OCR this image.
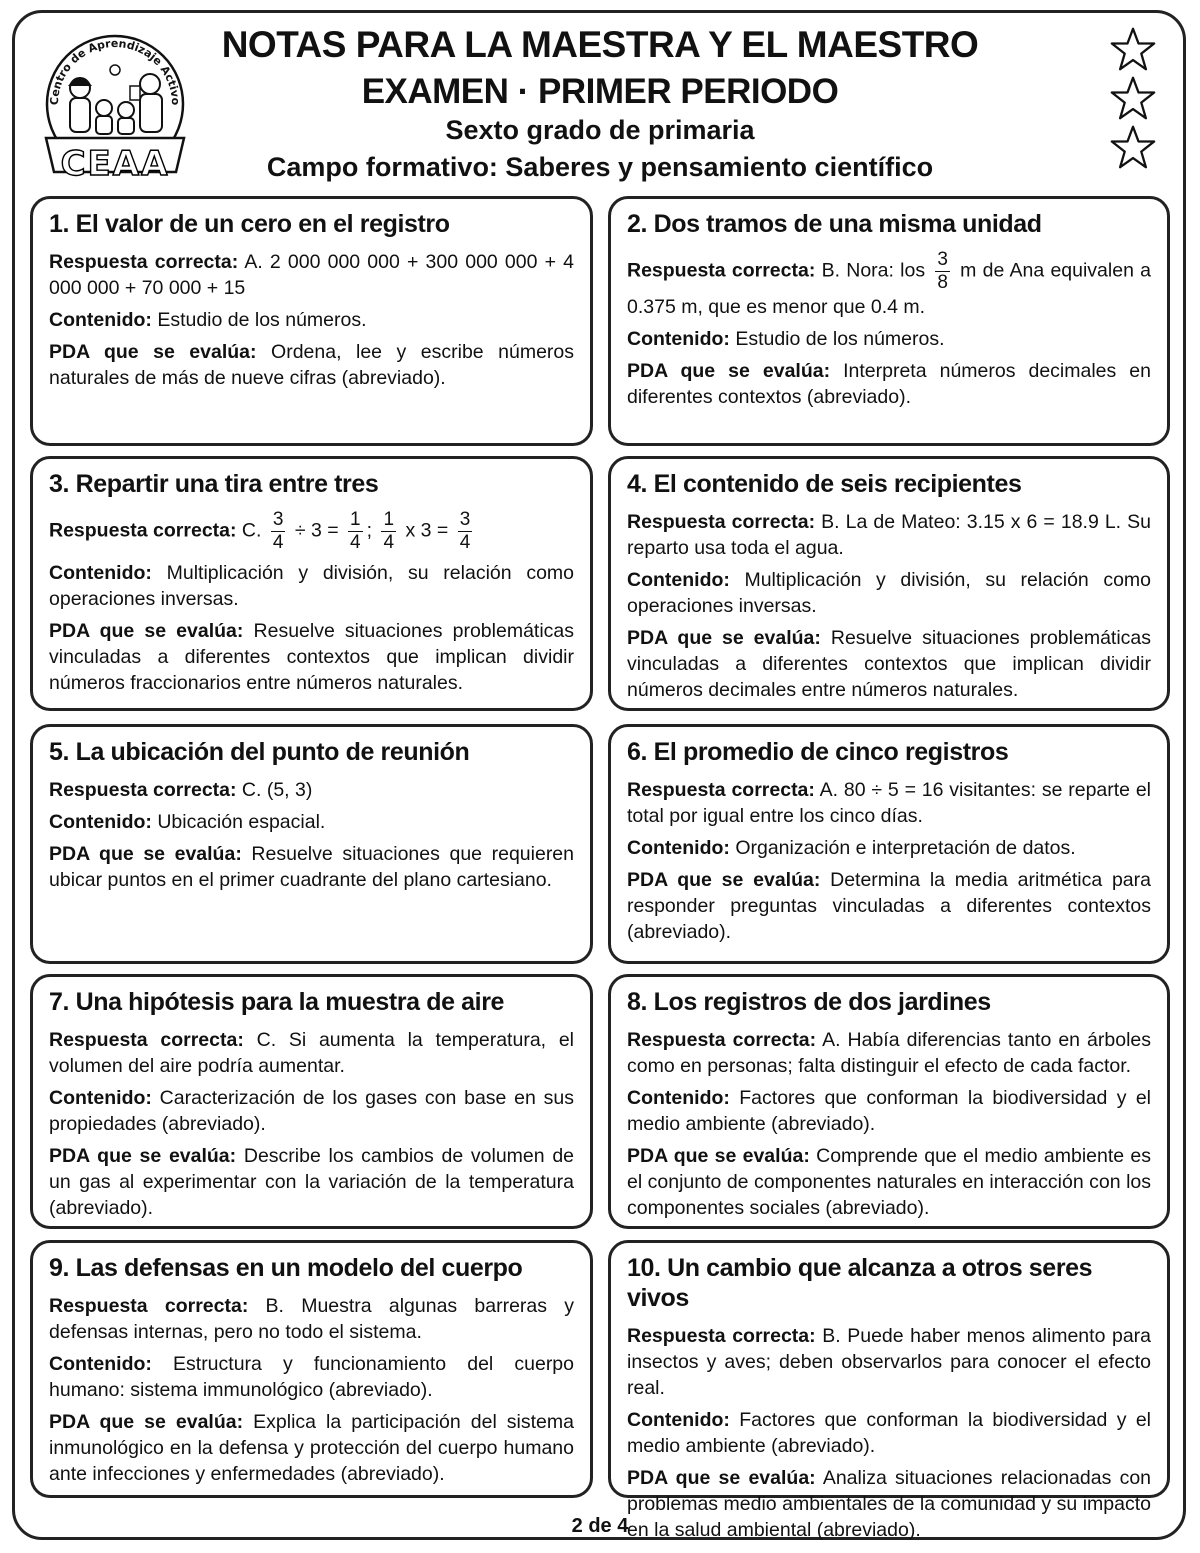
Centro de Aprendizaje Activo
CEAA
NOTAS PARA LA MAESTRA Y EL MAESTRO
EXAMEN · PRIMER PERIODO
Sexto grado de primaria
Campo formativo: Saberes y pensamiento científico
1. El valor de un cero en el registro

Respuesta correcta: A. 2 000 000 000 + 300 000 000 + 4 000 000 + 70 000 + 15

Contenido: Estudio de los números.

PDA que se evalúa: Ordena, lee y escribe números naturales de más de nueve cifras (abreviado).

2. Dos tramos de una misma unidad

Respuesta correcta: B. Nora: los $\frac{3}{8}$ m de Ana equivalen a 0.375 m, que es menor que 0.4 m.

Contenido: Estudio de los números.

PDA que se evalúa: Interpreta números decimales en diferentes contextos (abreviado).

3. Repartir una tira entre tres

Respuesta correcta: C. $\frac{3}{4} \div 3 = \frac{1}{4}$ ; $\frac{1}{4}$ x $3 = \frac{3}{4}$

Contenido: Multiplicación y división, su relación como operaciones inversas.

PDA que se evalúa: Resuelve situaciones problemáticas vinculadas a diferentes contextos que implican dividir números fraccionarios entre números naturales.

4. El contenido de seis recipientes

Respuesta correcta: B. La de Mateo: 3.15 x 6 = 18.9 L. Su reparto usa toda el agua.

Contenido: Multiplicación y división, su relación como operaciones inversas.

PDA que se evalúa: Resuelve situaciones problemáticas vinculadas a diferentes contextos que implican dividir números decimales entre números naturales.

5. La ubicación del punto de reunión

Respuesta correcta: C. (5, 3)

Contenido: Ubicación espacial.

PDA que se evalúa: Resuelve situaciones que requieren ubicar puntos en el primer cuadrante del plano cartesiano.

6. El promedio de cinco registros

Respuesta correcta: A. 80 ÷ 5 = 16 visitantes: se reparte el total por igual entre los cinco días.

Contenido: Organización e interpretación de datos.

PDA que se evalúa: Determina la media aritmética para responder preguntas vinculadas a diferentes contextos (abreviado).

7. Una hipótesis para la muestra de aire

Respuesta correcta: C. Si aumenta la temperatura, el volumen del aire podría aumentar.

Contenido: Caracterización de los gases con base en sus propiedades (abreviado).

PDA que se evalúa: Describe los cambios de volumen de un gas al experimentar con la variación de la temperatura (abreviado).

8. Los registros de dos jardines

Respuesta correcta: A. Había diferencias tanto en árboles como en personas; falta distinguir el efecto de cada factor.

Contenido: Factores que conforman la biodiversidad y el medio ambiente (abreviado).

PDA que se evalúa: Comprende que el medio ambiente es el conjunto de componentes naturales en interacción con los componentes sociales (abreviado).

9. Las defensas en un modelo del cuerpo

Respuesta correcta: B. Muestra algunas barreras y defensas internas, pero no todo el sistema.

Contenido: Estructura y funcionamiento del cuerpo humano: sistema immunológico (abreviado).

PDA que se evalúa: Explica la participación del sistema inmunológico en la defensa y protección del cuerpo humano ante infecciones y enfermedades (abreviado).

10. Un cambio que alcanza a otros seres vivos

Respuesta correcta: B. Puede haber menos alimento para insectos y aves; deben observarlos para conocer el efecto real.

Contenido: Factores que conforman la biodiversidad y el medio ambiente (abreviado).

PDA que se evalúa: Analiza situaciones relacionadas con problemas medio ambientales de la comunidad y su impacto en la salud ambiental (abreviado).

2 de 4
